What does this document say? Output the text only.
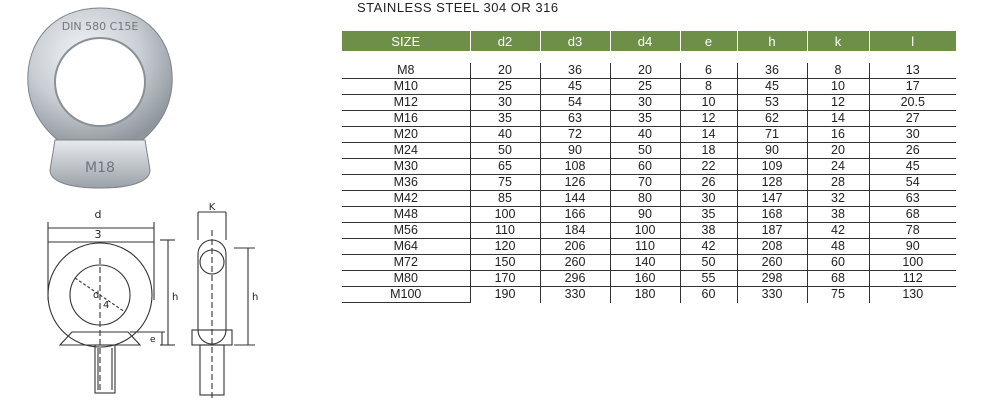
DIN 580 C15E
M18
d
3
d
4
h
e
K
h
STAINLESS STEEL 304 OR 316
SIZE	d2	d3	d4	e	h	k	l

M8	20	36	20	6	36	8	13
M10	25	45	25	8	45	10	17
M12	30	54	30	10	53	12	20.5
M16	35	63	35	12	62	14	27
M20	40	72	40	14	71	16	30
M24	50	90	50	18	90	20	26
M30	65	108	60	22	109	24	45
M36	75	126	70	26	128	28	54
M42	85	144	80	30	147	32	63
M48	100	166	90	35	168	38	68
M56	110	184	100	38	187	42	78
M64	120	206	110	42	208	48	90
M72	150	260	140	50	260	60	100
M80	170	296	160	55	298	68	112
M100	190	330	180	60	330	75	130
